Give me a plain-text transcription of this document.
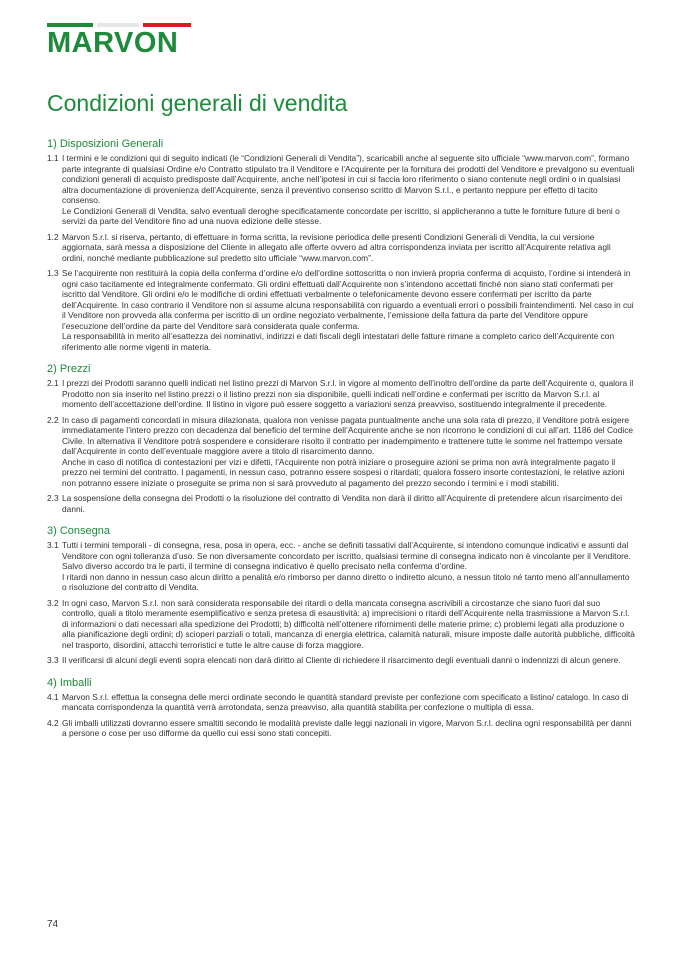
MARVON
Condizioni generali di vendita
1) Disposizioni Generali
1.1 I termini e le condizioni qui di seguito indicati (le “Condizioni Generali di Vendita”), scaricabili anche al seguente sito ufficiale “www.marvon.com”, formano parte integrante di qualsiasi Ordine e/o Contratto stipulato tra il Venditore e l’Acquirente per la fornitura dei prodotti del Venditore e prevalgono su eventuali condizioni generali di acquisto predisposte dall’Acquirente, anche nell’ipotesi in cui si faccia loro riferimento o siano contenute negli ordini o in qualsiasi altra documentazione di provenienza dell’Acquirente, senza il preventivo consenso scritto di Marvon S.r.l., e pertanto neppure per effetto di tacito consenso.
Le Condizioni Generali di Vendita, salvo eventuali deroghe specificatamente concordate per iscritto, si applicheranno a tutte le forniture future di beni o servizi da parte del Venditore fino ad una nuova edizione delle stesse.
1.2 Marvon S.r.l. si riserva, pertanto, di effettuare in forma scritta, la revisione periodica delle presenti Condizioni Generali di Vendita, la cui versione aggiornata, sarà messa a disposizione del Cliente in allegato alle offerte ovvero ad altra corrispondenza inviata per iscritto all’Acquirente relativa agli ordini, nonché mediante pubblicazione sul predetto sito ufficiale “www.marvon.com”.
1.3 Se l’acquirente non restituirà la copia della conferma d’ordine e/o dell’ordine sottoscritta o non invierà propria conferma di acquisto, l’ordine si intenderà in ogni caso tacitamente ed integralmente confermato. Gli ordini effettuati dall’Acquirente non s’intendono accettati finché non siano stati confermati per iscritto dal Venditore. Gli ordini e/o le modifiche di ordini effettuati verbalmente o telefonicamente devono essere confermati per iscritto da parte dell’Acquirente. In caso contrario il Venditore non si assume alcuna responsabilità con riguardo a eventuali errori o possibili fraintendimenti. Nel caso in cui il Venditore non provveda alla conferma per iscritto di un ordine negoziato verbalmente, l’emissione della fattura da parte del Venditore oppure l’esecuzione dell’ordine da parte del Venditore sarà considerata quale conferma.
La responsabilità in merito all’esattezza dei nominativi, indirizzi e dati fiscali degli intestatari delle fatture rimane a completo carico dell’Acquirente con riferimento alle norme vigenti in materia.
2) Prezzi
2.1 I prezzi dei Prodotti saranno quelli indicati nel listino prezzi di Marvon S.r.l. in vigore al momento dell’inoltro dell’ordine da parte dell’Acquirente o, qualora il Prodotto non sia inserito nel listino prezzi o il listino prezzi non sia disponibile, quelli indicati nell’ordine e confermati per iscritto da Marvon S.r.l. al momento dell’accettazione dell’ordine. Il listino in vigore può essere soggetto a variazioni senza preavviso, sostituendo integralmente il precedente.
2.2 In caso di pagamenti concordati in misura dilazionata, qualora non venisse pagata puntualmente anche una sola rata di prezzo, il Venditore potrà esigere immediatamente l’intero prezzo con decadenza dal beneficio del termine dell’Acquirente anche se non ricorrono le condizioni di cui all’art. 1186 del Codice Civile. In alternativa il Venditore potrà sospendere e considerare risolto il contratto per inadempimento e trattenere tutte le somme nel frattempo versate dall’Acquirente in conto dell’eventuale maggiore avere a titolo di risarcimento danno.
Anche in caso di notifica di contestazioni per vizi e difetti, l’Acquirente non potrà iniziare o proseguire azioni se prima non avrà integralmente pagato il prezzo nei termini del contratto. I pagamenti, in nessun caso, potranno essere sospesi o ritardati; qualora fossero insorte contestazioni, le relative azioni non potranno essere iniziate o proseguite se prima non si sarà provveduto al pagamento del prezzo secondo i termini e i modi stabiliti.
2.3 La sospensione della consegna dei Prodotti o la risoluzione del contratto di Vendita non darà il diritto all’Acquirente di pretendere alcun risarcimento dei danni.
3) Consegna
3.1 Tutti i termini temporali - di consegna, resa, posa in opera, ecc. - anche se definiti tassativi dall’Acquirente, si intendono comunque indicativi e assunti dal Venditore con ogni tolleranza d’uso. Se non diversamente concordato per iscritto, qualsiasi termine di consegna indicato non è vincolante per il Venditore. Salvo diverso accordo tra le parti, il termine di consegna indicativo è quello precisato nella conferma d’ordine.
I ritardi non danno in nessun caso alcun diritto a penalità e/o rimborso per danno diretto o indiretto alcuno, a nessun titolo né tanto meno all’annullamento o risoluzione del contratto di Vendita.
3.2 In ogni caso, Marvon S.r.l. non sarà considerata responsabile dei ritardi o della mancata consegna ascrivibili a circostanze che siano fuori dal suo controllo, quali a titolo meramente esemplificativo e senza pretesa di esaustività: a) imprecisioni o ritardi dell’Acquirente nella trasmissione a Marvon S.r.l. di informazioni o dati necessari alla spedizione dei Prodotti; b) difficoltà nell’ottenere rifornimenti delle materie prime; c) problemi legati alla produzione o alla pianificazione degli ordini; d) scioperi parziali o totali, mancanza di energia elettrica, calamità naturali, misure imposte dalle autorità pubbliche, difficoltà nel trasporto, disordini, attacchi terroristici e tutte le altre cause di forza maggiore.
3.3 Il verificarsi di alcuni degli eventi sopra elencati non darà diritto al Cliente di richiedere il risarcimento degli eventuali danni o indennizzi di alcun genere.
4) Imballi
4.1 Marvon S.r.l. effettua la consegna delle merci ordinate secondo le quantità standard previste per confezione com specificato a listino/ catalogo. In caso di mancata corrispondenza la quantità verrà arrotondata, senza preavviso, alla quantità stabilita per confezione o multipla di essa.
4.2 Gli imballi utilizzati dovranno essere smaltiti secondo le modalità previste dalle leggi nazionali in vigore, Marvon S.r.l. declina ogni responsabilità per danni a persone o cose per uso difforme da quello cui essi sono stati concepiti.
74
